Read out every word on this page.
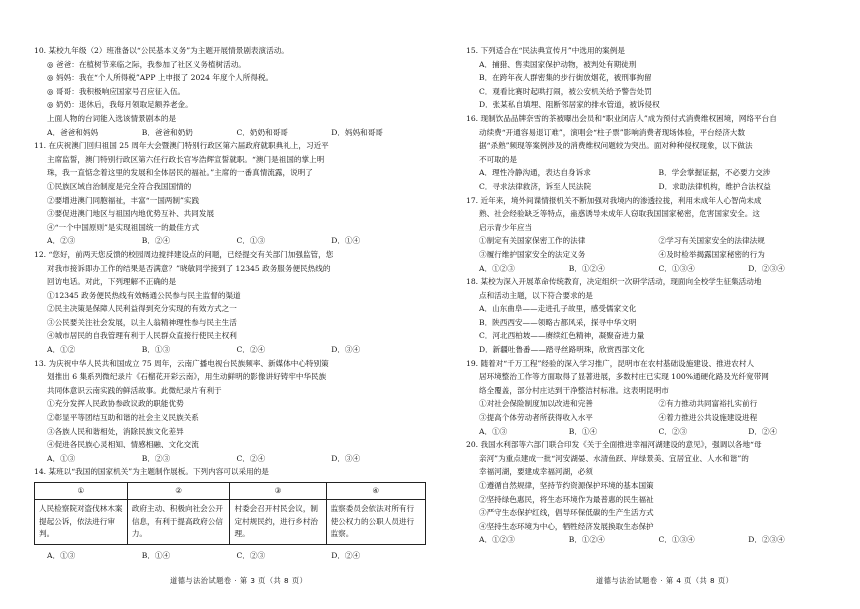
10. 某校九年级（2）班准备以“公民基本义务”为主题开展情景剧表演活动。
◎ 爸爸：在植树节来临之际，我参加了社区义务植树活动。
◎ 妈妈：我在“个人所得税”APP 上申报了 2024 年度个人所得税。
◎ 哥哥：我积极响应国家号召应征入伍。
◎ 奶奶：退休后，我每月领取足额养老金。
上面人物的台词能入选该情景剧本的是
A．爸爸和妈妈	B．爸爸和奶奶	C．奶奶和哥哥	D．妈妈和哥哥
11. 在庆祝澳门回归祖国 25 周年大会暨澳门特别行政区第六届政府就职典礼上，习近平
主席监誓，澳门特别行政区第六任行政长官岑浩辉宣誓就职。“澳门是祖国的掌上明
珠，我一直惦念着这里的发展和全体居民的福祉。”主席的一番真情流露，说明了
①民族区域自治制度是完全符合我国国情的
②要增进澳门同胞福祉，丰富“一国两制”实践
③要促进澳门地区与祖国内地优势互补、共同发展
④“一个中国原则”是实现祖国统一的最佳方式
A．②③	B．②④	C．①③	D．①④
12. “您好，前两天您反馈的校园周边搅拌建设点的问题，已经提交有关部门加强监管，您
对我市接诉即办工作的结果是否满意？”晓敏同学接到了 12345 政务服务便民热线的
回访电话。对此，下列理解不正确的是
①12345 政务便民热线有效畅通公民参与民主监督的渠道
②民主决策是保障人民利益得到充分实现的有效方式之一
③公民要关注社会发展，以主人翁精神理性参与民主生活
④城市居民的自我管理有利于人民群众直接行使民主权利
A．①②	B．①③	C．②④	D．③④
13. 为庆祝中华人民共和国成立 75 周年，云南广播电视台民族频率、新媒体中心特别策
划推出 6 集系列微纪录片《石榴花开彩云南》，用生动鲜明的影像讲好铸牢中华民族
共同体意识云南实践的鲜活故事。此微纪录片有利于
①充分发挥人民政协参政议政的职能优势
②彰显平等团结互助和谐的社会主义民族关系
③各族人民和谐相处，消除民族文化差异
④促进各民族心灵相知、情感相融、文化交流
A．①③	B．②③	C．②④	D．③④
14. 某班以“我国的国家机关”为主题制作展板。下列内容可以采用的是
①	②	③	④
人民检察院对盗伐林木案提起公诉，依法进行审判。	政府主动、积极向社会公开信息，有利于提高政府公信力。	村委会召开村民会议，制定村规民约，进行乡村治理。	监察委员会依法对所有行使公权力的公职人员进行监察。
A．①③	B．①④	C．②③	D．②④
15. 下列适合在“民法典宣传月”中选用的案例是
A．捕猎、售卖国家保护动物，被判处有期徒刑
B．在跨年夜人群密集的步行街放烟花，被刑事拘留
C．观看比赛时起哄打闹，被公安机关给予警告处罚
D．张某私自填埋、阻断邻居家的排水管道，被诉侵权
16. 现制饮品品牌奈雪的茶被曝出会员和“职业闭店人”成为预付式消费维权困境，网络平台自
动续费“开通容易退订难”，演唱会“柱子票”影响消费者现场体验，平台经济大数
据“杀熟”频现等案例涉及的消费维权问题较为突出。面对种种侵权现象，以下做法
不可取的是
A．理性冷静沟通，表达自身诉求	B．学会掌握证据，不必要力交涉
C．寻求法律救济，诉至人民法院	D．求助法律机构，维护合法权益
17. 近年来，境外间谍情报机关不断加强对我境内的渗透拉拢，利用未成年人心智尚未成
熟、社会经验缺乏等特点，蛊惑诱导未成年人窃取我国国家秘密，危害国家安全。这
启示青少年应当
①制定有关国家保密工作的法律	②学习有关国家安全的法律法规
③履行维护国家安全的法定义务	④及时检举揭露国家秘密的行为
A．①②③	B．①②④	C．①③④	D．②③④
18. 某校为深入开展革命传统教育，决定组织一次研学活动，现面向全校学生征集活动地
点和活动主题，以下符合要求的是
A．山东曲阜——走进孔子故里，感受儒家文化
B．陕西西安——领略古都风采，探寻中华文明
C．河北西柏坡——赓续红色精神，凝聚奋进力量
D．新疆吐鲁番——踏寻丝路明珠，欣赏西部文化
19. 随着对“千万工程”经验的深入学习推广，昆明市在农村基础设施建设、推进农村人
居环境整治工作等方面取得了显著进展，多数村庄已实现 100%通硬化路及光纤宽带网
络全覆盖，部分村庄达到干净整洁村标准。这表明昆明市
①对社会保险制度加以改进和完善	②有力推动共同富裕扎实前行
③提高个体劳动者所获得收入水平	④着力推进公共设施建设进程
A．①③	B．①④	C．②③	D．②④
20. 我国水利部等六部门联合印发《关于全面推进幸福河湖建设的意见》，强调以各地“母
亲河”为重点建成一批“河安湖晏、水清鱼跃、岸绿景美、宜居宜业、人水和谐”的
幸福河湖，要建成幸福河湖，必须
①遵循自然规律，坚持节约资源保护环境的基本国策
②坚持绿色惠民，将生态环境作为最普惠的民生福祉
③严守生态保护红线，倡导环保低碳的生产生活方式
④坚持生态环境为中心，牺牲经济发展换取生态保护
A．①②③	B．①②④	C．①③④	D．②③④
道德与法治试题卷 · 第 3 页（共 8 页）	道德与法治试题卷 · 第 4 页（共 8 页）
